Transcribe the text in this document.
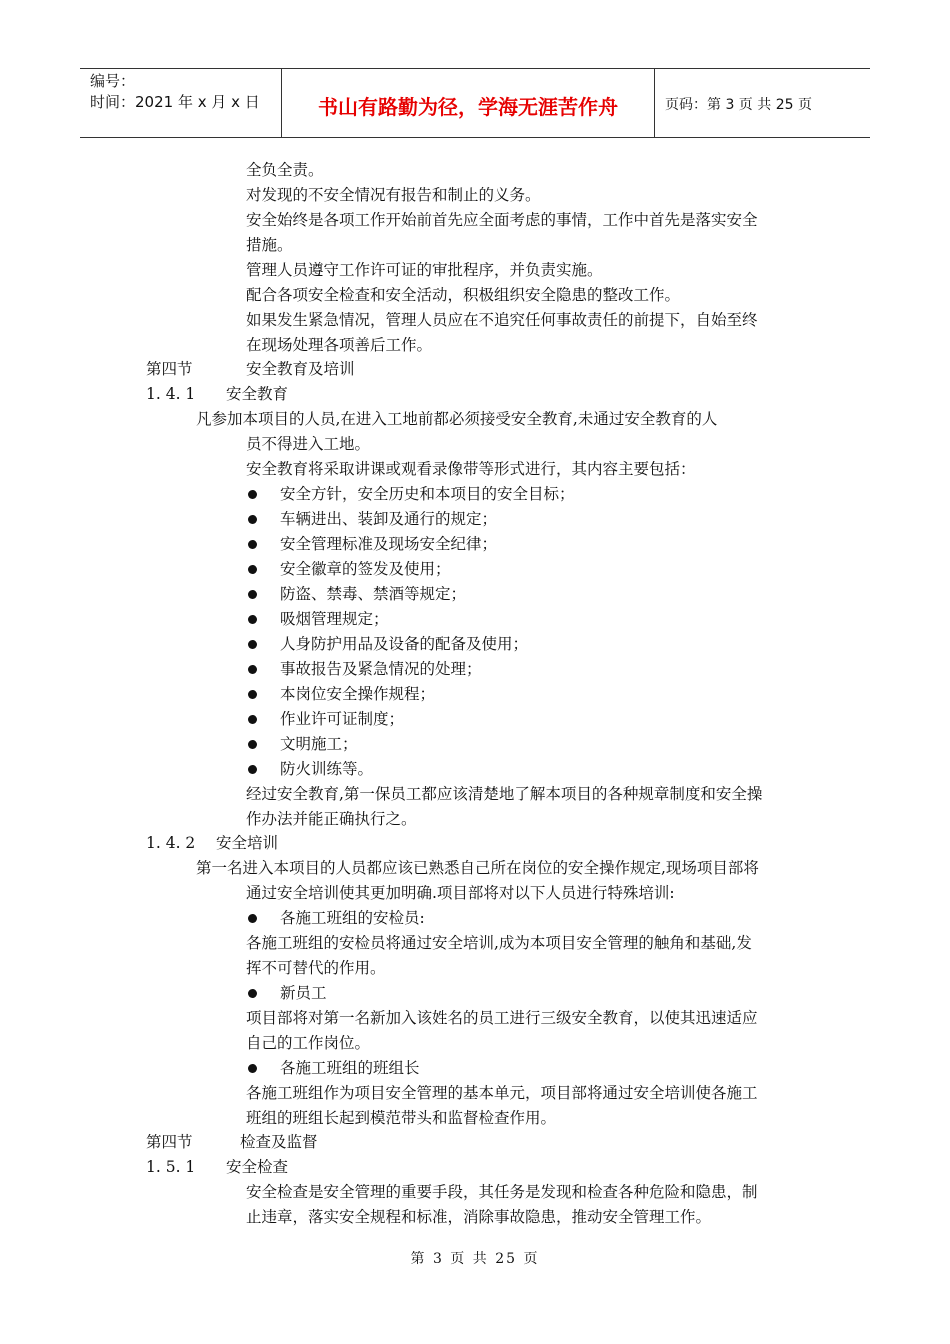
编号：
时间：2021 年 x 月 x 日	书山有路勤为径，学海无涯苦作舟	页码：第 3 页 共 25 页
全负全责。
对发现的不安全情况有报告和制止的义务。
安全始终是各项工作开始前首先应全面考虑的事情，工作中首先是落实安全
措施。
管理人员遵守工作许可证的审批程序，并负责实施。
配合各项安全检查和安全活动，积极组织安全隐患的整改工作。
如果发生紧急情况，管理人员应在不追究任何事故责任的前提下，自始至终
在现场处理各项善后工作。
第四节	安全教育及培训
1. 4. 1 安全教育
凡参加本项目的人员,在进入工地前都必须接受安全教育,未通过安全教育的人
员不得进入工地。
安全教育将采取讲课或观看录像带等形式进行，其内容主要包括：
安全方针，安全历史和本项目的安全目标；
车辆进出、装卸及通行的规定；
安全管理标准及现场安全纪律；
安全徽章的签发及使用；
防盗、禁毒、禁酒等规定；
吸烟管理规定；
人身防护用品及设备的配备及使用；
事故报告及紧急情况的处理；
本岗位安全操作规程；
作业许可证制度；
文明施工；
防火训练等。
经过安全教育,第一保员工都应该清楚地了解本项目的各种规章制度和安全操
作办法并能正确执行之。
1. 4. 2 安全培训
第一名进入本项目的人员都应该已熟悉自己所在岗位的安全操作规定,现场项目部将
通过安全培训使其更加明确.项目部将对以下人员进行特殊培训:
各施工班组的安检员:
各施工班组的安检员将通过安全培训,成为本项目安全管理的触角和基础,发
挥不可替代的作用。
新员工
项目部将对第一名新加入该姓名的员工进行三级安全教育，以使其迅速适应
自己的工作岗位。
各施工班组的班组长
各施工班组作为项目安全管理的基本单元，项目部将通过安全培训使各施工
班组的班组长起到模范带头和监督检查作用。
第四节	检查及监督
1. 5. 1 安全检查
安全检查是安全管理的重要手段，其任务是发现和检查各种危险和隐患，制
止违章，落实安全规程和标准，消除事故隐患，推动安全管理工作。
第 3 页 共 25 页
